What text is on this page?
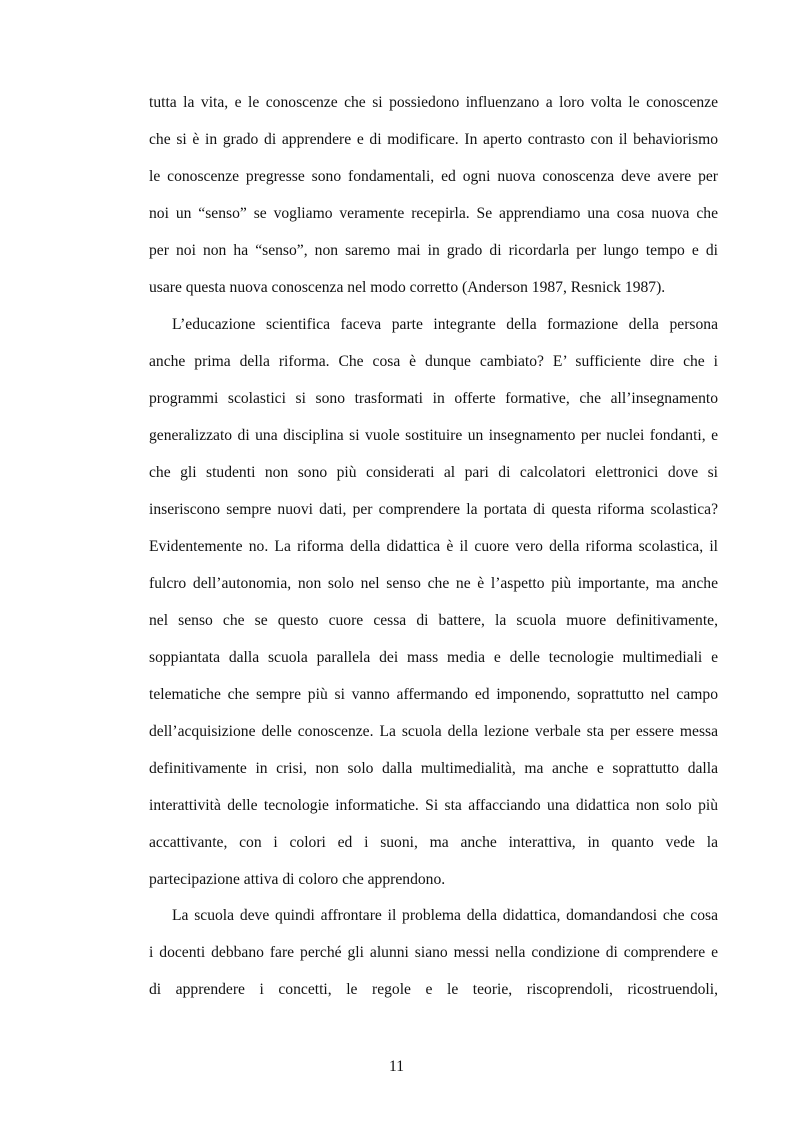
tutta la vita, e le conoscenze che si possiedono influenzano a loro volta le conoscenze
che si è in grado di apprendere e di modificare. In aperto contrasto con il behaviorismo
le conoscenze pregresse sono fondamentali, ed ogni nuova conoscenza deve avere per
noi un “senso” se vogliamo veramente recepirla. Se apprendiamo una cosa nuova che
per noi non ha “senso”, non saremo mai in grado di ricordarla per lungo tempo e di
usare questa nuova conoscenza nel modo corretto (Anderson 1987, Resnick 1987).
L’educazione scientifica faceva parte integrante della formazione della persona
anche prima della riforma. Che cosa è dunque cambiato? E’ sufficiente dire che i
programmi scolastici si sono trasformati in offerte formative, che all’insegnamento
generalizzato di una disciplina si vuole sostituire un insegnamento per nuclei fondanti, e
che gli studenti non sono più considerati al pari di calcolatori elettronici dove si
inseriscono sempre nuovi dati, per comprendere la portata di questa riforma scolastica?
Evidentemente no. La riforma della didattica è il cuore vero della riforma scolastica, il
fulcro dell’autonomia, non solo nel senso che ne è l’aspetto più importante, ma anche
nel senso che se questo cuore cessa di battere, la scuola muore definitivamente,
soppiantata dalla scuola parallela dei mass media e delle tecnologie multimediali e
telematiche che sempre più si vanno affermando ed imponendo, soprattutto nel campo
dell’acquisizione delle conoscenze. La scuola della lezione verbale sta per essere messa
definitivamente in crisi, non solo dalla multimedialità, ma anche e soprattutto dalla
interattività delle tecnologie informatiche. Si sta affacciando una didattica non solo più
accattivante, con i colori ed i suoni, ma anche interattiva, in quanto vede la
partecipazione attiva di coloro che apprendono.
La scuola deve quindi affrontare il problema della didattica, domandandosi che cosa
i docenti debbano fare perché gli alunni siano messi nella condizione di comprendere e
di apprendere i concetti, le regole e le teorie, riscoprendoli, ricostruendoli,
11
